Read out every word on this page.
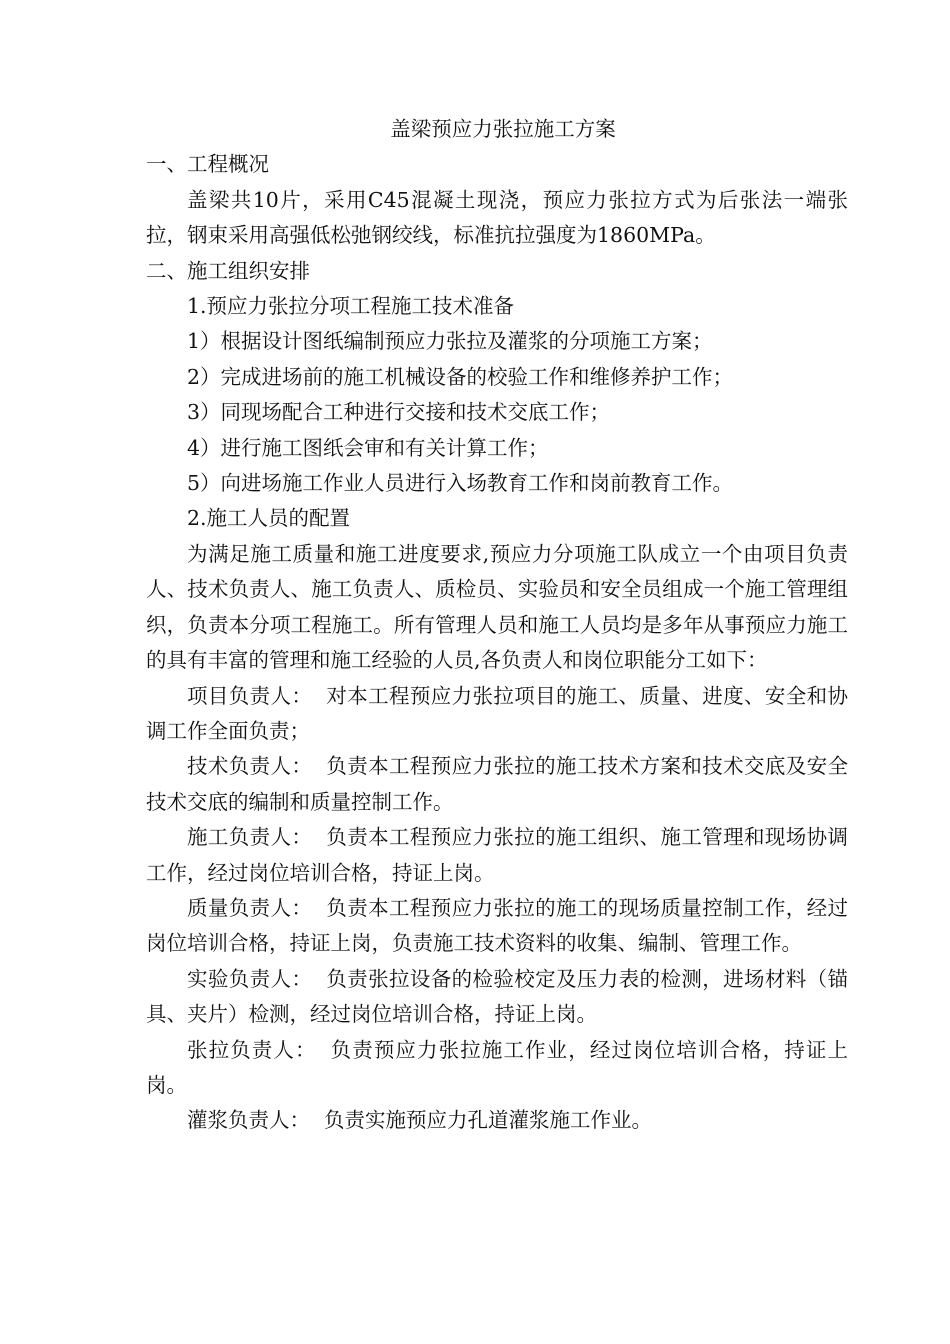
盖梁预应力张拉施工方案

一、工程概况

盖梁共10片，采用C45混凝土现浇，预应力张拉方式为后张法一端张拉，钢束采用高强低松弛钢绞线，标准抗拉强度为1860MPa。

二、施工组织安排

1.预应力张拉分项工程施工技术准备

1）根据设计图纸编制预应力张拉及灌浆的分项施工方案；

2）完成进场前的施工机械设备的校验工作和维修养护工作；

3）同现场配合工种进行交接和技术交底工作；

4）进行施工图纸会审和有关计算工作；

5）向进场施工作业人员进行入场教育工作和岗前教育工作。

2.施工人员的配置

为满足施工质量和施工进度要求,预应力分项施工队成立一个由项目负责人、技术负责人、施工负责人、质检员、实验员和安全员组成一个施工管理组织，负责本分项工程施工。所有管理人员和施工人员均是多年从事预应力施工的具有丰富的管理和施工经验的人员,各负责人和岗位职能分工如下：

项目负责人： 对本工程预应力张拉项目的施工、质量、进度、安全和协调工作全面负责；

技术负责人： 负责本工程预应力张拉的施工技术方案和技术交底及安全技术交底的编制和质量控制工作。

施工负责人： 负责本工程预应力张拉的施工组织、施工管理和现场协调工作，经过岗位培训合格，持证上岗。

质量负责人： 负责本工程预应力张拉的施工的现场质量控制工作，经过岗位培训合格，持证上岗，负责施工技术资料的收集、编制、管理工作。

实验负责人： 负责张拉设备的检验校定及压力表的检测，进场材料（锚具、夹片）检测，经过岗位培训合格，持证上岗。

张拉负责人： 负责预应力张拉施工作业，经过岗位培训合格，持证上岗。

灌浆负责人： 负责实施预应力孔道灌浆施工作业。
